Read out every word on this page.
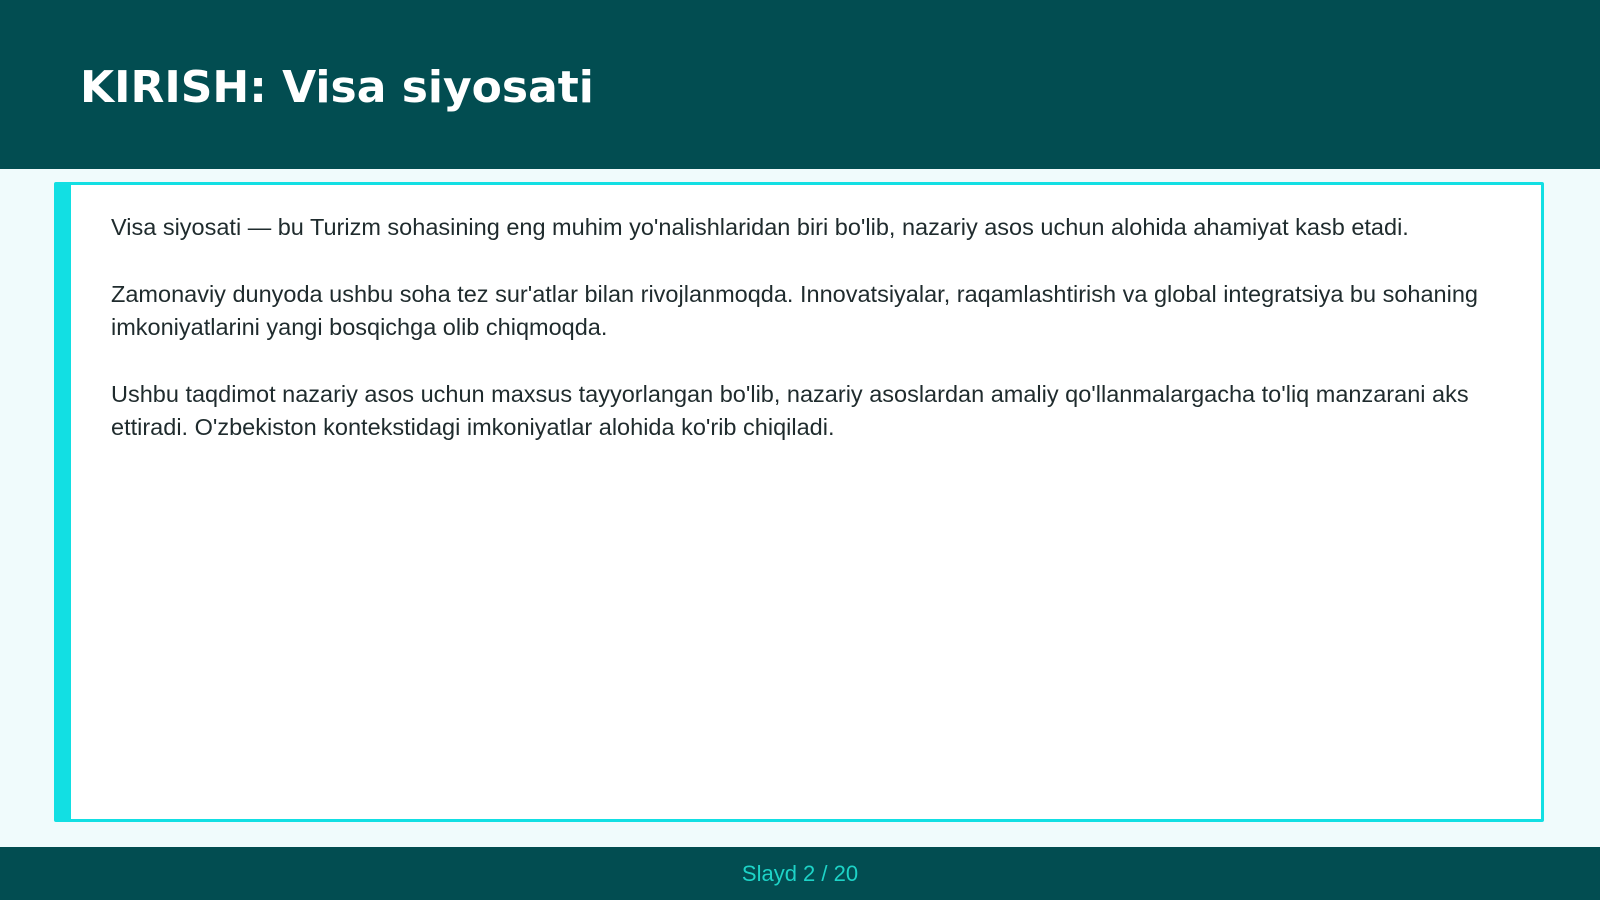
KIRISH: Visa siyosati

Visa siyosati — bu Turizm sohasining eng muhim yo'nalishlaridan biri bo'lib, nazariy asos uchun alohida ahamiyat kasb etadi.

Zamonaviy dunyoda ushbu soha tez sur'atlar bilan rivojlanmoqda. Innovatsiyalar, raqamlashtirish va global integratsiya bu sohaning imkoniyatlarini yangi bosqichga olib chiqmoqda.

Ushbu taqdimot nazariy asos uchun maxsus tayyorlangan bo'lib, nazariy asoslardan amaliy qo'llanmalargacha to'liq manzarani aks ettiradi. O'zbekiston kontekstidagi imkoniyatlar alohida ko'rib chiqiladi.

Slayd 2 / 20
